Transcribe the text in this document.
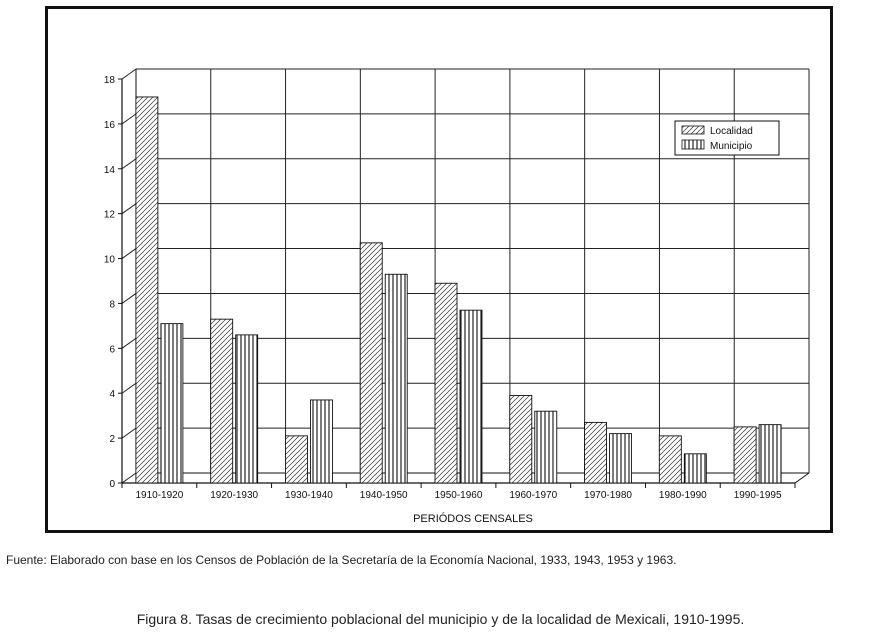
0
2
4
6
8
10
12
14
16
18
1910-1920	1920-1930	1930-1940	1940-1950	1950-1960	1960-1970	1970-1980	1980-1990	1990-1995
PERIÓDOS CENSALES
Localidad
Municipio

Fuente: Elaborado con base en los Censos de Población de la Secretaría de la Economía Nacional, 1933, 1943, 1953 y 1963.

Figura 8. Tasas de crecimiento poblacional del municipio y de la localidad de Mexicali, 1910-1995.
